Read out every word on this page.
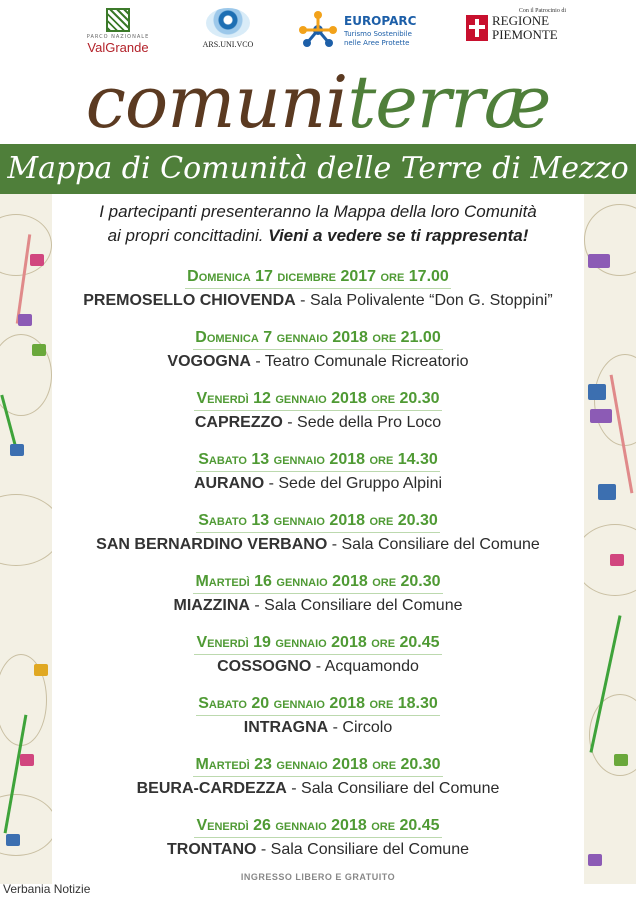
PARCO NAZIONALE
ValGrande	ARS.UNI.VCO
EUROPARC
Turismo Sostenibile
nelle Aree Protette
Con il Patrocinio di
REGIONE
PIEMONTE
comuniterræ
Mappa di Comunità delle Terre di Mezzo
I partecipanti presenteranno la Mappa della loro Comunità
ai propri concittadini. Vieni a vedere se ti rappresenta!
Domenica 17 dicembre 2017 ore 17.00
PREMOSELLO CHIOVENDA - Sala Polivalente “Don G. Stoppini”
Domenica 7 gennaio 2018 ore 21.00
VOGOGNA - Teatro Comunale Ricreatorio
Venerdì 12 gennaio 2018 ore 20.30
CAPREZZO - Sede della Pro Loco
Sabato 13 gennaio 2018 ore 14.30
AURANO - Sede del Gruppo Alpini
Sabato 13 gennaio 2018 ore 20.30
SAN BERNARDINO VERBANO - Sala Consiliare del Comune
Martedì 16 gennaio 2018 ore 20.30
MIAZZINA - Sala Consiliare del Comune
Venerdì 19 gennaio 2018 ore 20.45
COSSOGNO - Acquamondo
Sabato 20 gennaio 2018 ore 18.30
INTRAGNA - Circolo
Martedì 23 gennaio 2018 ore 20.30
BEURA-CARDEZZA - Sala Consiliare del Comune
Venerdì 26 gennaio 2018 ore 20.45
TRONTANO - Sala Consiliare del Comune
INGRESSO LIBERO E GRATUITO
Verbania Notizie
